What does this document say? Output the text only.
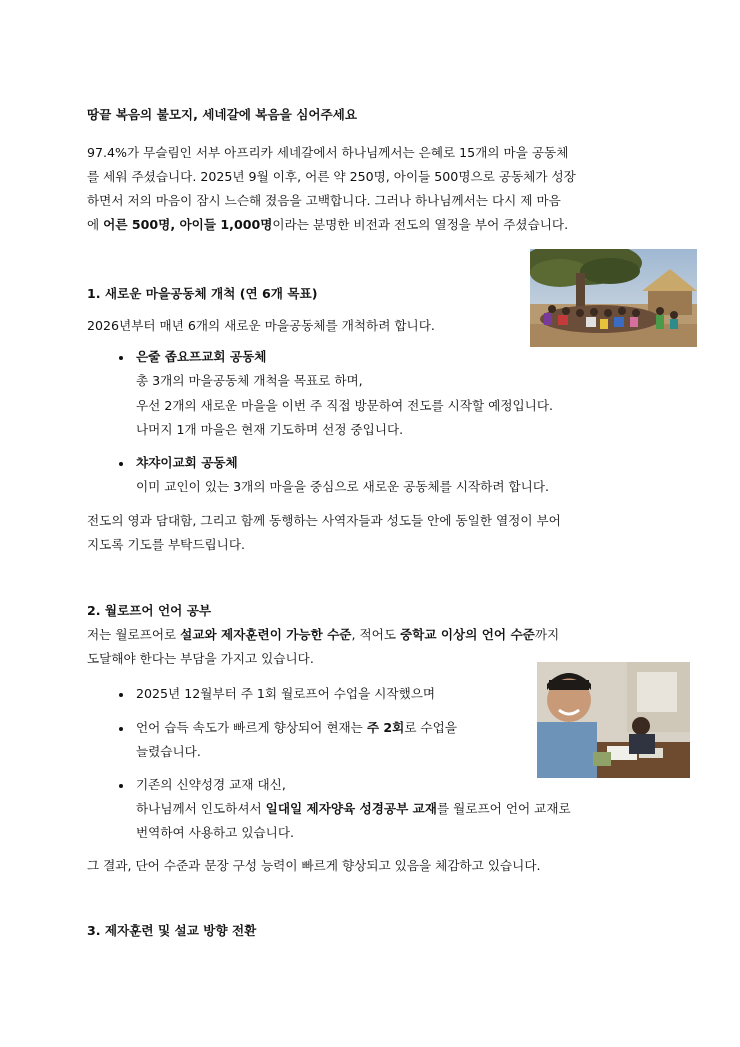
땅끝 복음의 불모지, 세네갈에 복음을 심어주세요
97.4%가 무슬림인 서부 아프리카 세네갈에서 하나님께서는 은혜로 15개의 마을 공동체
를 세워 주셨습니다. 2025년 9월 이후, 어른 약 250명, 아이들 500명으로 공동체가 성장
하면서 저의 마음이 잠시 느슨해 졌음을 고백합니다. 그러나 하나님께서는 다시 제 마음
에 어른 500명, 아이들 1,000명이라는 분명한 비전과 전도의 열정을 부어 주셨습니다.
1. 새로운 마을공동체 개척 (연 6개 목표)
2026년부터 매년 6개의 새로운 마을공동체를 개척하려 합니다.
은줄 좁요프교회 공동체
총 3개의 마을공동체 개척을 목표로 하며,
우선 2개의 새로운 마을을 이번 주 직접 방문하여 전도를 시작할 예정입니다.
나머지 1개 마을은 현재 기도하며 선정 중입니다.
챠쟈이교회 공동체
이미 교인이 있는 3개의 마을을 중심으로 새로운 공동체를 시작하려 합니다.
전도의 영과 담대함, 그리고 함께 동행하는 사역자들과 성도들 안에 동일한 열정이 부어
지도록 기도를 부탁드립니다.
2. 월로프어 언어 공부
저는 월로프어로 설교와 제자훈련이 가능한 수준, 적어도 중학교 이상의 언어 수준까지
도달해야 한다는 부담을 가지고 있습니다.
2025년 12월부터 주 1회 월로프어 수업을 시작했으며
언어 습득 속도가 빠르게 향상되어 현재는 주 2회로 수업을
늘렸습니다.
기존의 신약성경 교재 대신,
하나님께서 인도하셔서 일대일 제자양육 성경공부 교재를 월로프어 언어 교재로
번역하여 사용하고 있습니다.
그 결과, 단어 수준과 문장 구성 능력이 빠르게 향상되고 있음을 체감하고 있습니다.
3. 제자훈련 및 설교 방향 전환
